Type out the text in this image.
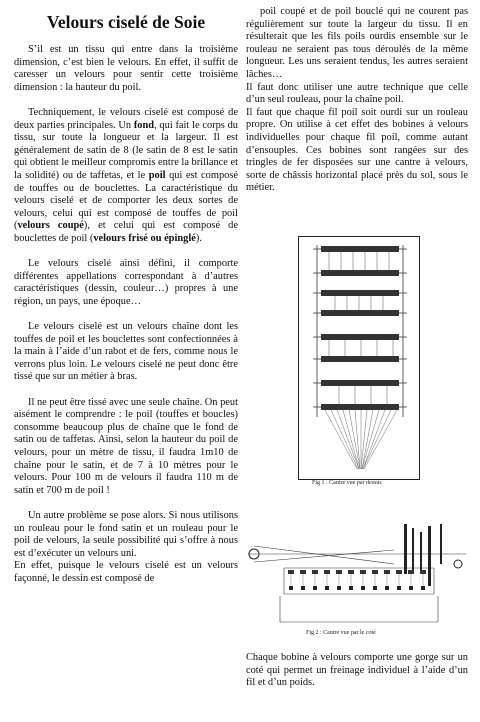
Velours ciselé de Soie

S’il est un tissu qui entre dans la troisième dimension, c’est bien le velours. En effet, il suffit de caresser un velours pour sentir cette troisième dimension : la hauteur du poil.

Techniquement, le velours ciselé est composé de deux parties principales. Un fond, qui fait le corps du tissu, sur toute la longueur et la largeur. Il est généralement de satin de 8 (le satin de 8 est le satin qui obtient le meilleur compromis entre la brillance et la solidité) ou de taffetas, et le poil qui est composé de touffes ou de bouclettes. La caractéristique du velours ciselé et de comporter les deux sortes de velours, celui qui est composé de touffes de poil (velours coupé), et celui qui est composé de bouclettes de poil (velours frisé ou épinglé).

Le velours ciselé ainsi défini, il comporte différentes appellations correspondant à d’autres caractéristiques (dessin, couleur…) propres à une région, un pays, une époque…

Le velours ciselé est un velours chaîne dont les touffes de poil et les bouclettes sont confectionnées à la main à l’aide d’un rabot et de fers, comme nous le verrons plus loin. Le velours ciselé ne peut donc être tissé que sur un métier à bras.

Il ne peut être tissé avec une seule chaîne. On peut aisément le comprendre : le poil (touffes et boucles) consomme beaucoup plus de chaîne que le fond de satin ou de taffetas. Ainsi, selon la hauteur du poil de velours, pour un mètre de tissu, il faudra 1m10 de chaîne pour le satin, et de 7 à 10 mètres pour le velours. Pour 100 m de velours il faudra 110 m de satin et 700 m de poil !

Un autre problème se pose alors. Si nous utilisons un rouleau pour le fond satin et un rouleau pour le poil de velours, la seule possibilité qui s’offre à nous est d’exécuter un velours uni.

En effet, puisque le velours ciselé est un velours façonné, le dessin est composé de

poil coupé et de poil bouclé qui ne courent pas régulièrement sur toute la largeur du tissu. Il en résulterait que les fils poils ourdis ensemble sur le rouleau ne seraient pas tous déroulés de la même longueur. Les uns seraient tendus, les autres seraient lâches…

Il faut donc utiliser une autre technique que celle d’un seul rouleau, pour la chaîne poil.

Il faut que chaque fil poil soit ourdi sur un rouleau propre. On utilise à cet effet des bobines à velours individuelles pour chaque fil poil, comme autant d’ensouples. Ces bobines sont rangées sur des tringles de fer disposées sur une cantre à velours, sorte de châssis horizontal placé près du sol, sous le métier.

Fig 1 : Cantre vue par dessus
Fig 2 : Cantre vue par le coté

Chaque bobine à velours comporte une gorge sur un coté qui permet un freinage individuel à l’aide d’un fil et d’un poids.
